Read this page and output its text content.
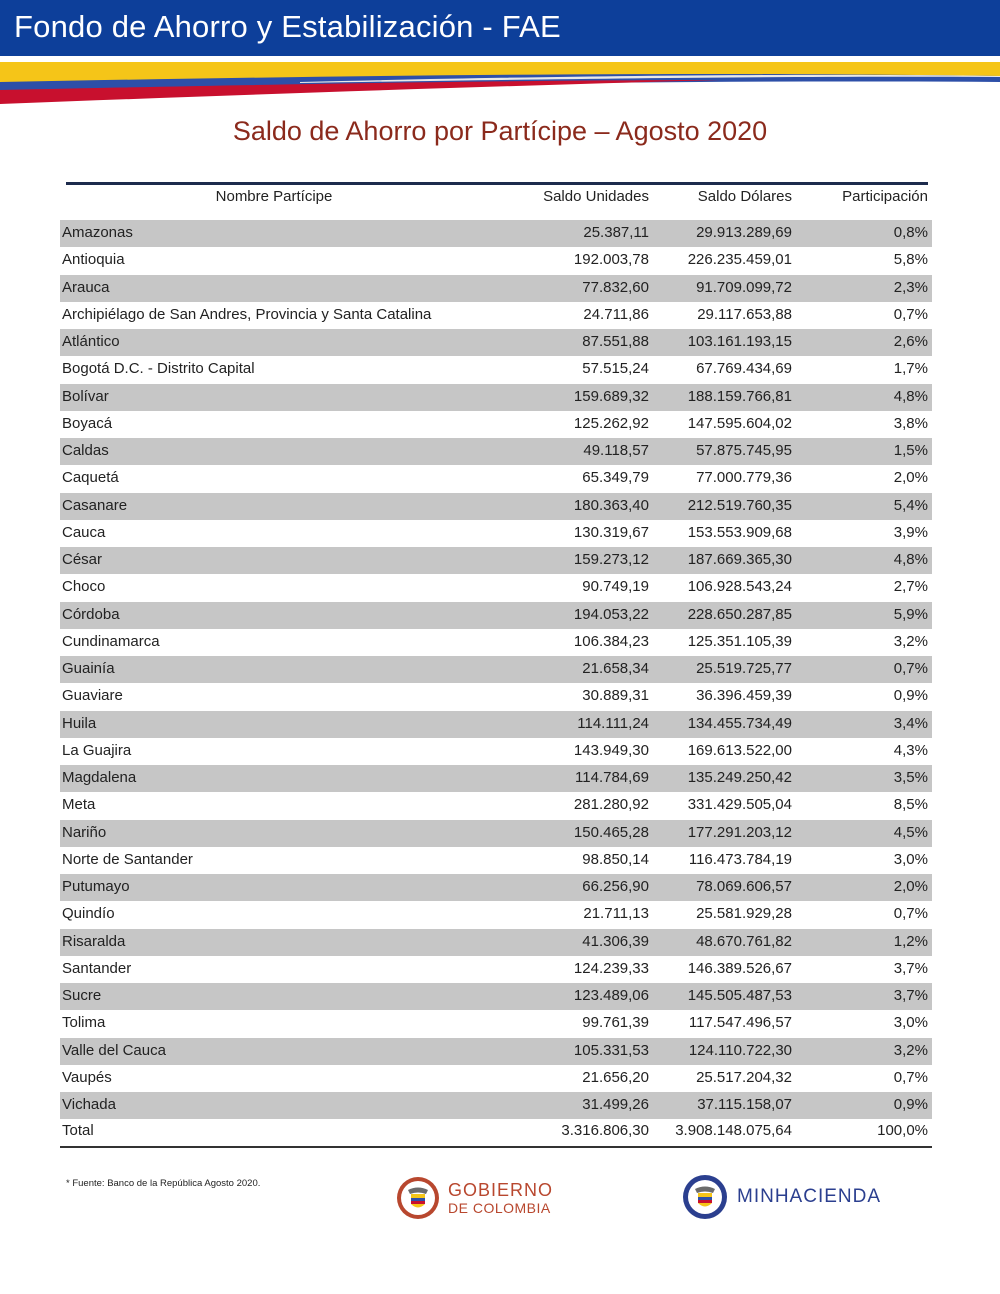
Fondo de Ahorro y Estabilización - FAE
Saldo de Ahorro por Partícipe – Agosto 2020
Nombre Partícipe	Saldo Unidades	Saldo Dólares	Participación
Amazonas	25.387,11	29.913.289,69	0,8%
Antioquia	192.003,78	226.235.459,01	5,8%
Arauca	77.832,60	91.709.099,72	2,3%
Archipiélago de San Andres, Provincia y Santa Catalina	24.711,86	29.117.653,88	0,7%
Atlántico	87.551,88	103.161.193,15	2,6%
Bogotá D.C. - Distrito Capital	57.515,24	67.769.434,69	1,7%
Bolívar	159.689,32	188.159.766,81	4,8%
Boyacá	125.262,92	147.595.604,02	3,8%
Caldas	49.118,57	57.875.745,95	1,5%
Caquetá	65.349,79	77.000.779,36	2,0%
Casanare	180.363,40	212.519.760,35	5,4%
Cauca	130.319,67	153.553.909,68	3,9%
César	159.273,12	187.669.365,30	4,8%
Choco	90.749,19	106.928.543,24	2,7%
Córdoba	194.053,22	228.650.287,85	5,9%
Cundinamarca	106.384,23	125.351.105,39	3,2%
Guainía	21.658,34	25.519.725,77	0,7%
Guaviare	30.889,31	36.396.459,39	0,9%
Huila	114.111,24	134.455.734,49	3,4%
La Guajira	143.949,30	169.613.522,00	4,3%
Magdalena	114.784,69	135.249.250,42	3,5%
Meta	281.280,92	331.429.505,04	8,5%
Nariño	150.465,28	177.291.203,12	4,5%
Norte de Santander	98.850,14	116.473.784,19	3,0%
Putumayo	66.256,90	78.069.606,57	2,0%
Quindío	21.711,13	25.581.929,28	0,7%
Risaralda	41.306,39	48.670.761,82	1,2%
Santander	124.239,33	146.389.526,67	3,7%
Sucre	123.489,06	145.505.487,53	3,7%
Tolima	99.761,39	117.547.496,57	3,0%
Valle del Cauca	105.331,53	124.110.722,30	3,2%
Vaupés	21.656,20	25.517.204,32	0,7%
Vichada	31.499,26	37.115.158,07	0,9%
Total	3.316.806,30 3.908.148.075,64	100,0%
* Fuente: Banco de la República Agosto 2020.	GOBIERNO
DE COLOMBIA
MINHACIENDA
